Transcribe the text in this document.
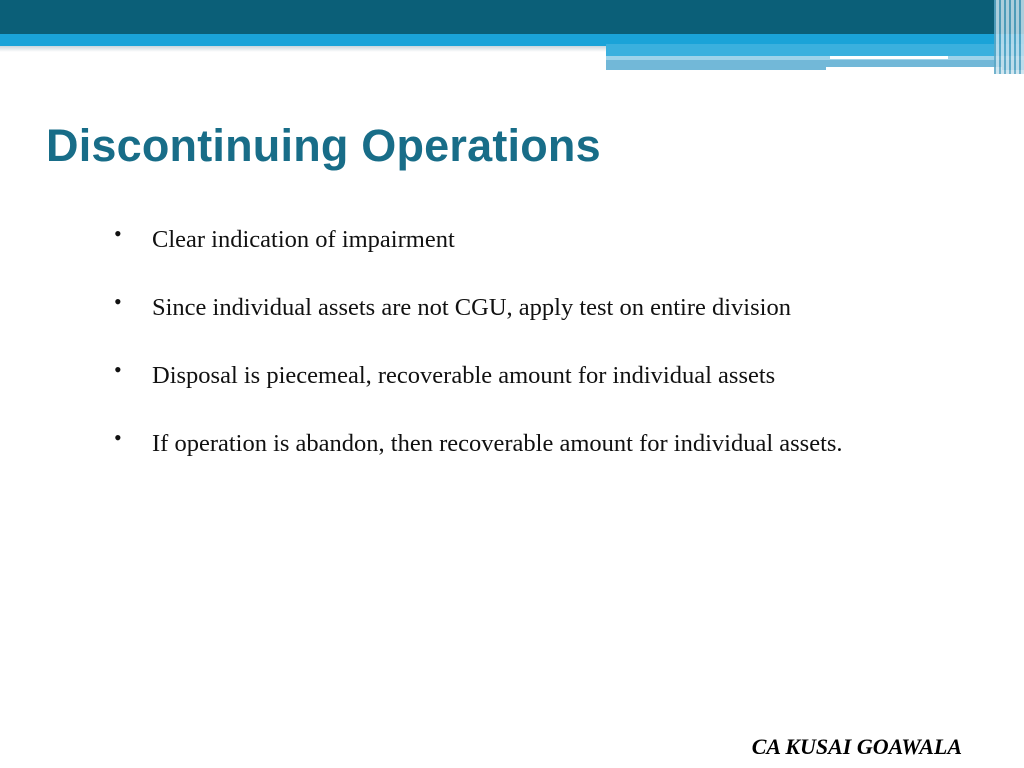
Discontinuing Operations
• Clear indication of impairment
• Since individual assets are not CGU, apply test on entire division
• Disposal is piecemeal, recoverable amount for individual assets
• If operation is abandon, then recoverable amount for individual assets.
CA KUSAI GOAWALA
